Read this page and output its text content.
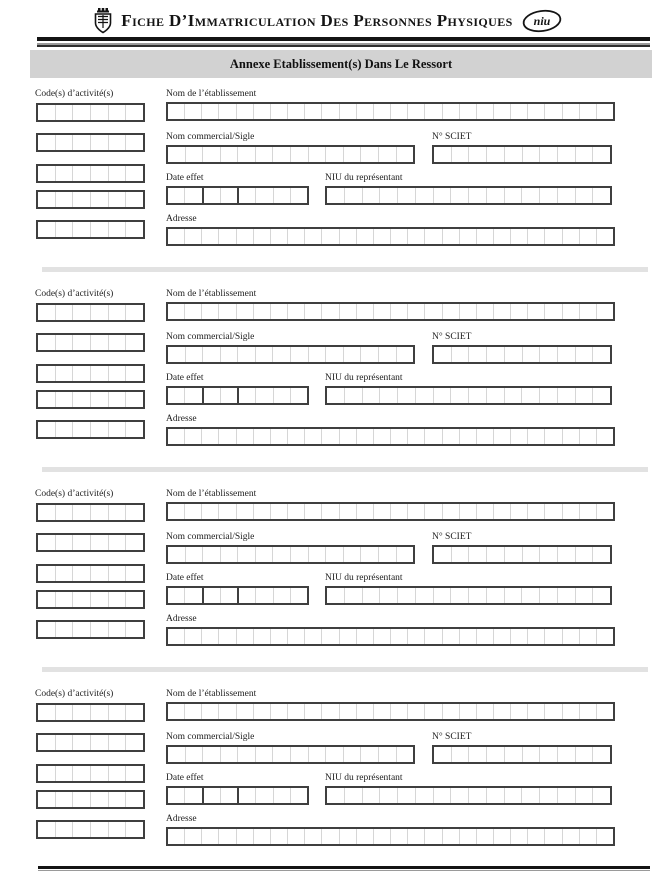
Fiche D’Immatriculation Des Personnes Physiques niu
Annexe Etablissement(s) Dans Le Ressort
Code(s) d’activité(s)	Nom de l’établissement
Nom commercial/Sigle	N° SCIET
Date effet	NIU du représentant
Adresse
Code(s) d’activité(s)	Nom de l’établissement
Nom commercial/Sigle	N° SCIET
Date effet	NIU du représentant
Adresse
Code(s) d’activité(s)	Nom de l’établissement
Nom commercial/Sigle	N° SCIET
Date effet	NIU du représentant
Adresse
Code(s) d’activité(s)	Nom de l’établissement
Nom commercial/Sigle	N° SCIET
Date effet	NIU du représentant
Adresse
